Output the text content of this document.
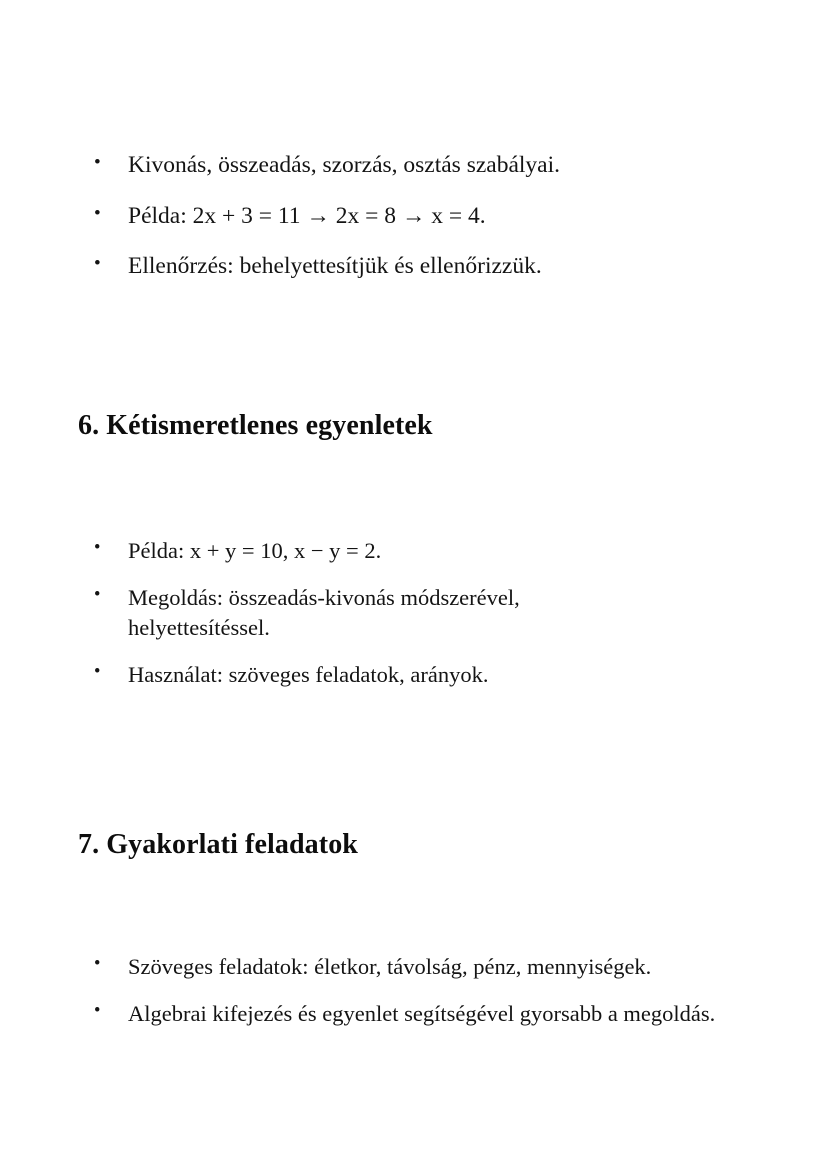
•	Kivonás, összeadás, szorzás, osztás szabályai.
•	Példa: 2x + 3 = 11 → 2x = 8 → x = 4.
•	Ellenőrzés: behelyettesítjük és ellenőrizzük.
6. Kétismeretlenes egyenletek
•	Példa: x + y = 10, x − y = 2.
•	Megoldás: összeadás-kivonás módszerével, helyettesítéssel.
•	Használat: szöveges feladatok, arányok.
7. Gyakorlati feladatok
•	Szöveges feladatok: életkor, távolság, pénz, mennyiségek.
•	Algebrai kifejezés és egyenlet segítségével gyorsabb a megoldás.
